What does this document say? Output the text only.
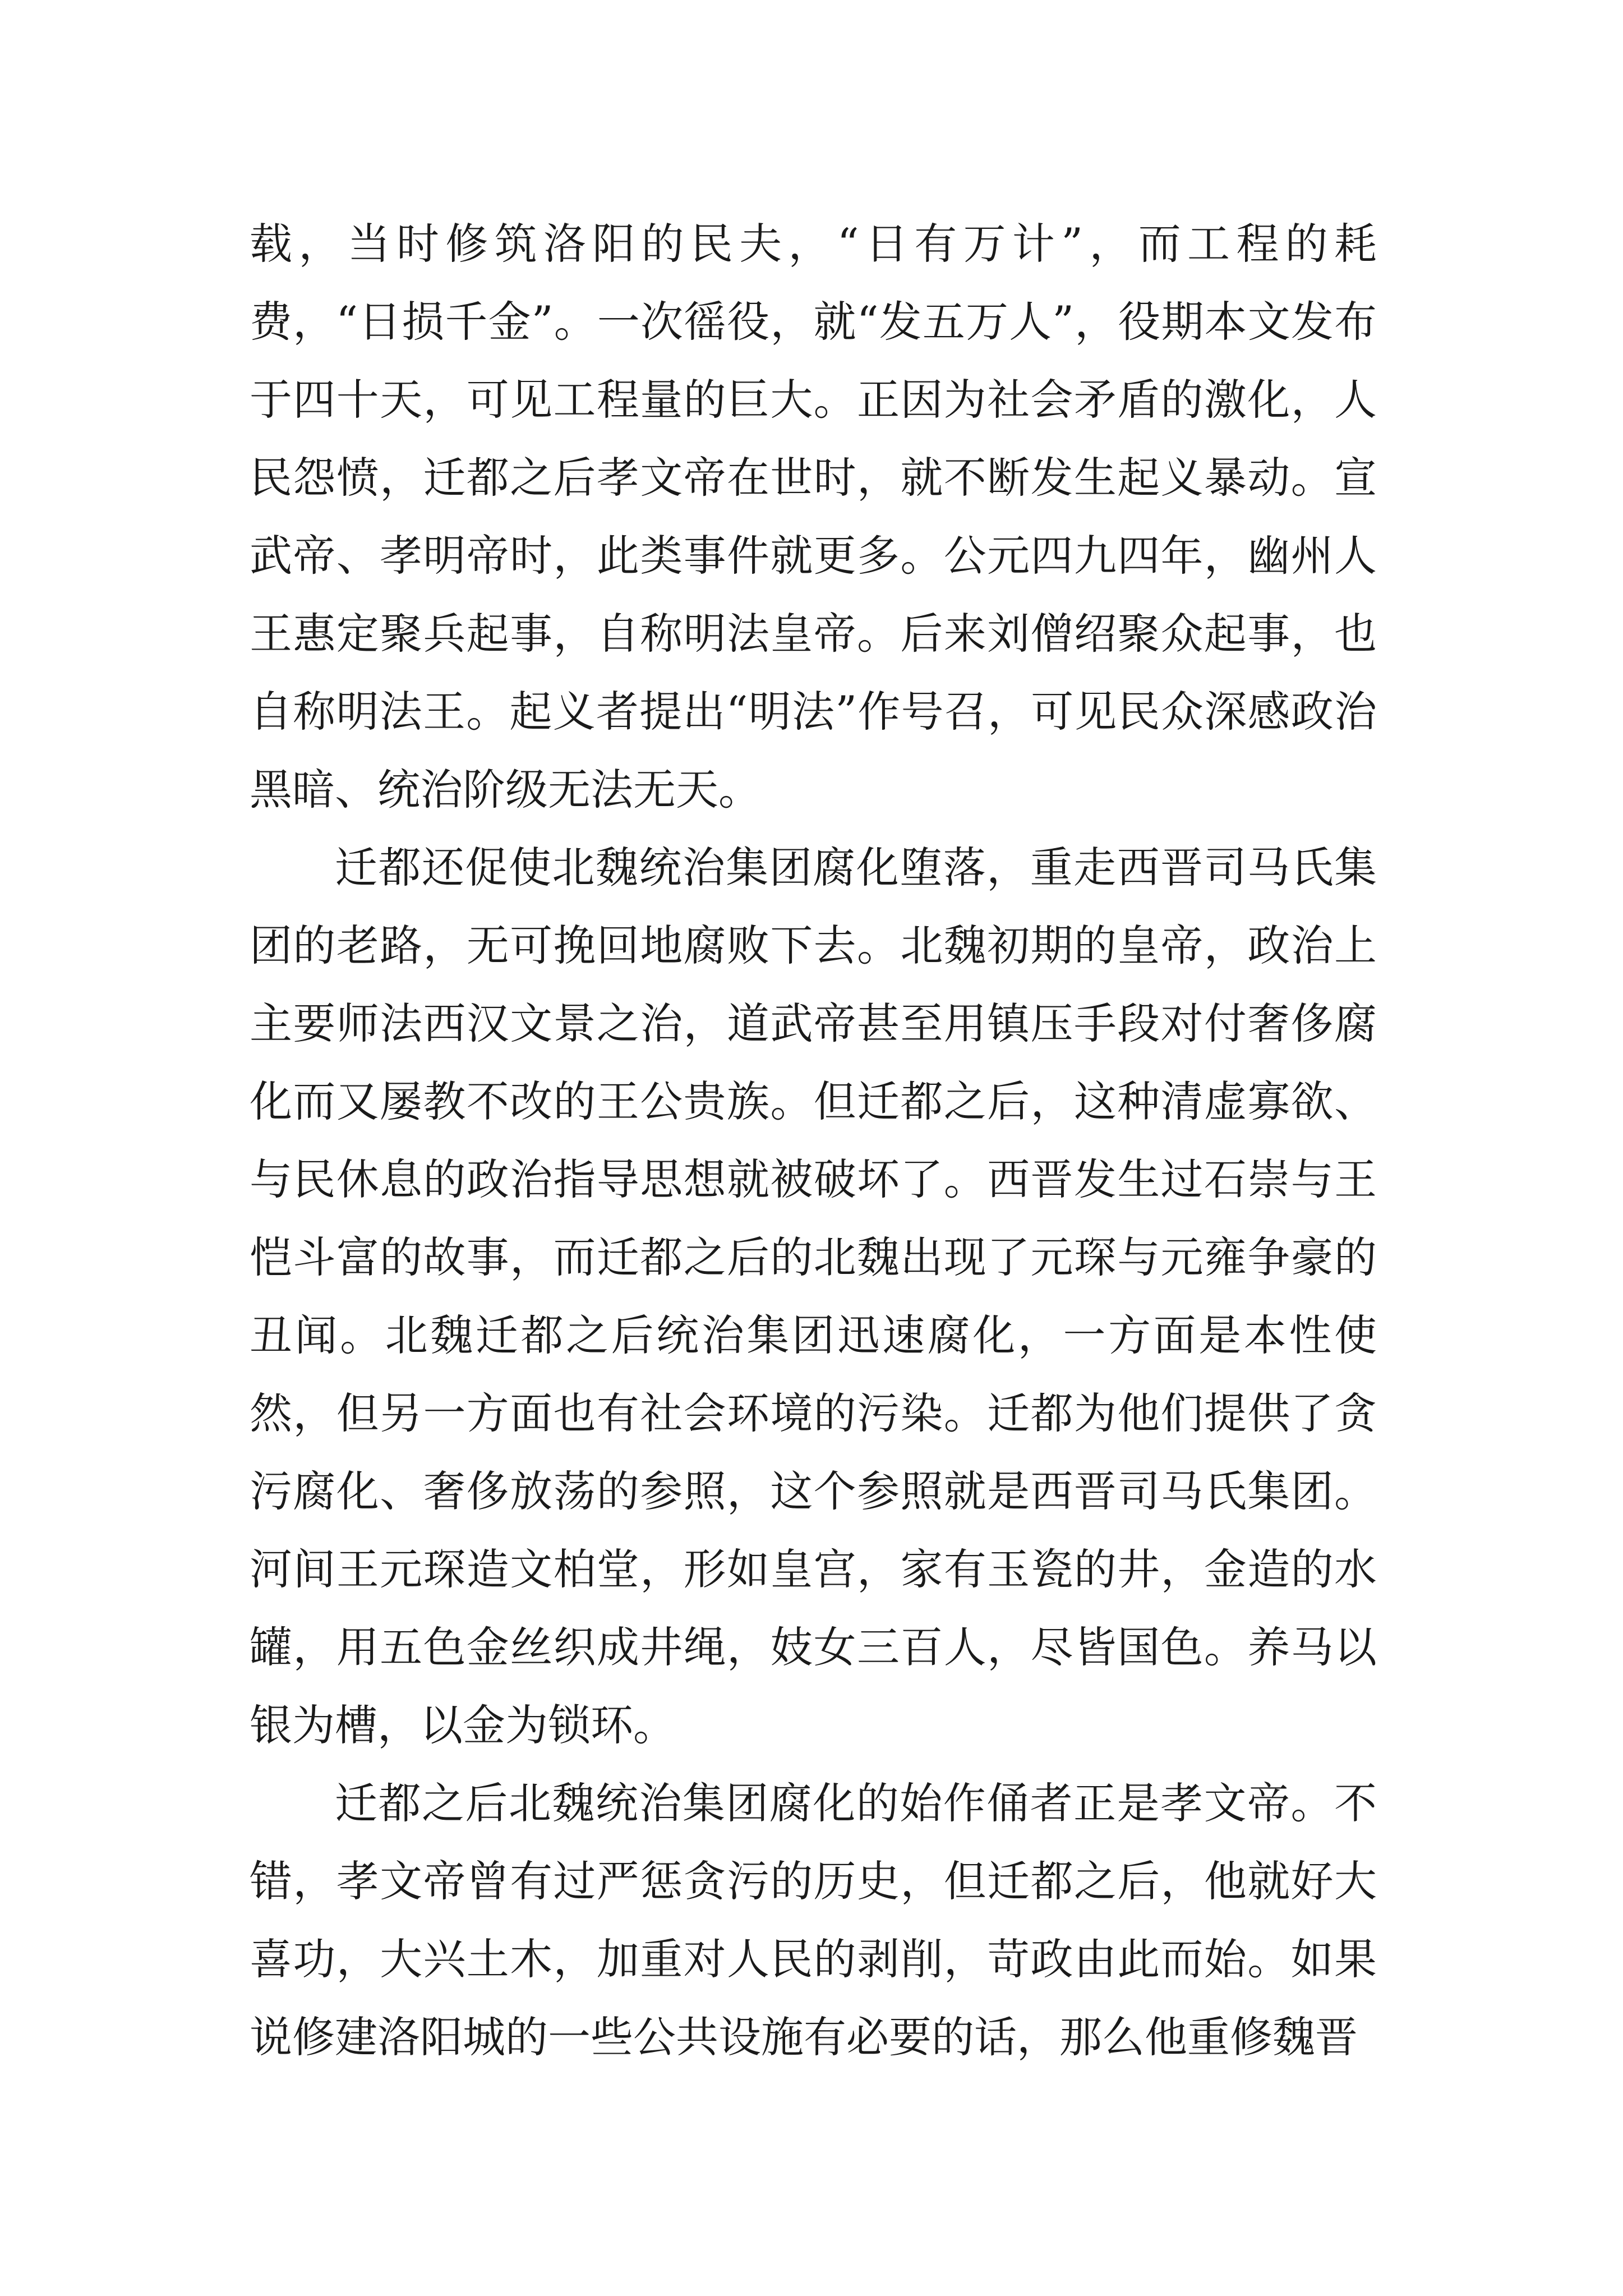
载，当时修筑洛阳的民夫，“日有万计”，而工程的耗费，“日损千金”。一次徭役，就“发五万人”，役期本文发布于四十天，可见工程量的巨大。正因为社会矛盾的激化，人民怨愤，迁都之后孝文帝在世时，就不断发生起义暴动。宣武帝、孝明帝时，此类事件就更多。公元四九四年，幽州人王惠定聚兵起事，自称明法皇帝。后来刘僧绍聚众起事，也自称明法王。起义者提出“明法”作号召，可见民众深感政治黑暗、统治阶级无法无天。

迁都还促使北魏统治集团腐化堕落，重走西晋司马氏集团的老路，无可挽回地腐败下去。北魏初期的皇帝，政治上主要师法西汉文景之治，道武帝甚至用镇压手段对付奢侈腐化而又屡教不改的王公贵族。但迁都之后，这种清虚寡欲、与民休息的政治指导思想就被破坏了。西晋发生过石崇与王恺斗富的故事，而迁都之后的北魏出现了元琛与元雍争豪的丑闻。北魏迁都之后统治集团迅速腐化，一方面是本性使然，但另一方面也有社会环境的污染。迁都为他们提供了贪污腐化、奢侈放荡的参照，这个参照就是西晋司马氏集团。河间王元琛造文柏堂，形如皇宫，家有玉瓷的井，金造的水罐，用五色金丝织成井绳，妓女三百人，尽皆国色。养马以银为槽，以金为锁环。

迁都之后北魏统治集团腐化的始作俑者正是孝文帝。不错，孝文帝曾有过严惩贪污的历史，但迁都之后，他就好大喜功，大兴土木，加重对人民的剥削，苛政由此而始。如果说修建洛阳城的一些公共设施有必要的话，那么他重修魏晋
